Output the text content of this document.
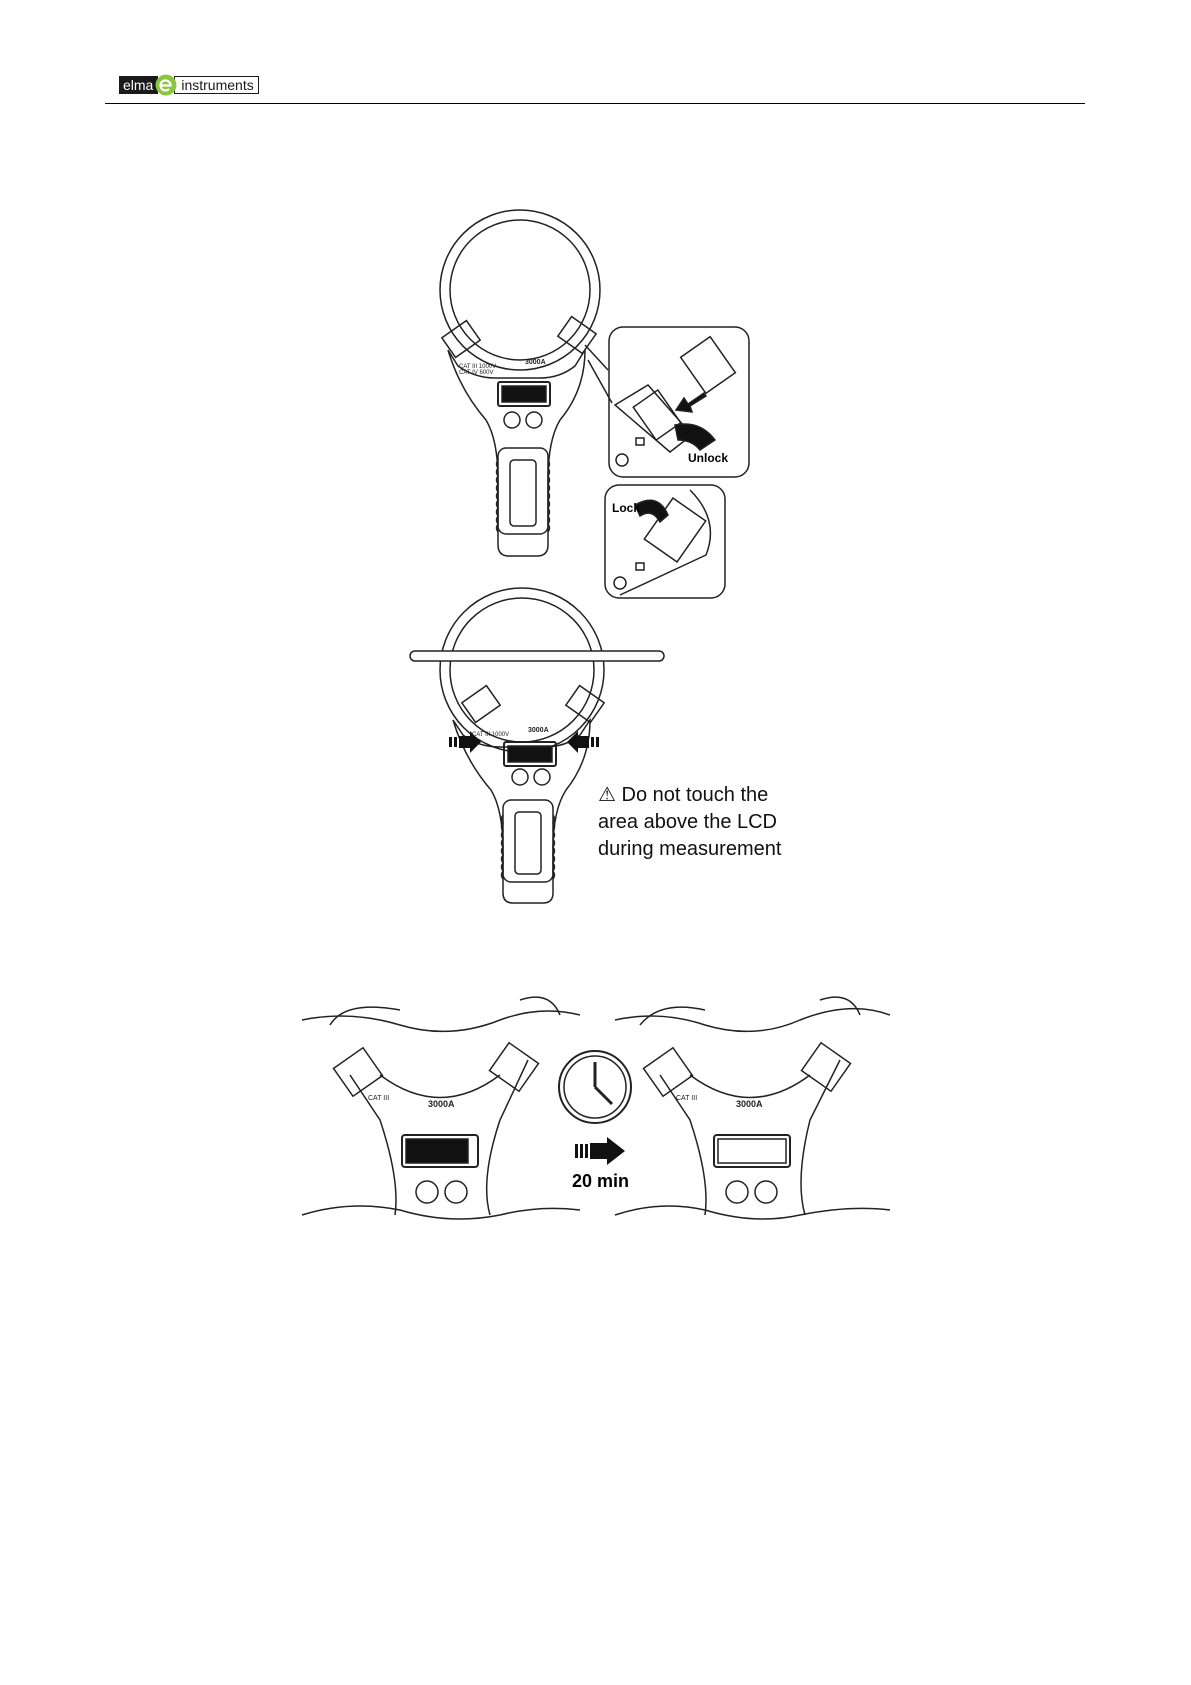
elma	instruments
CAT III 1000V
CAT IV 600V
3000A
Unlock
Lock
CAT III 1000V
3000A
⚠ Do not touch the
area above the LCD
during measurement
CAT III
3000A
CAT III
3000A
20 min
